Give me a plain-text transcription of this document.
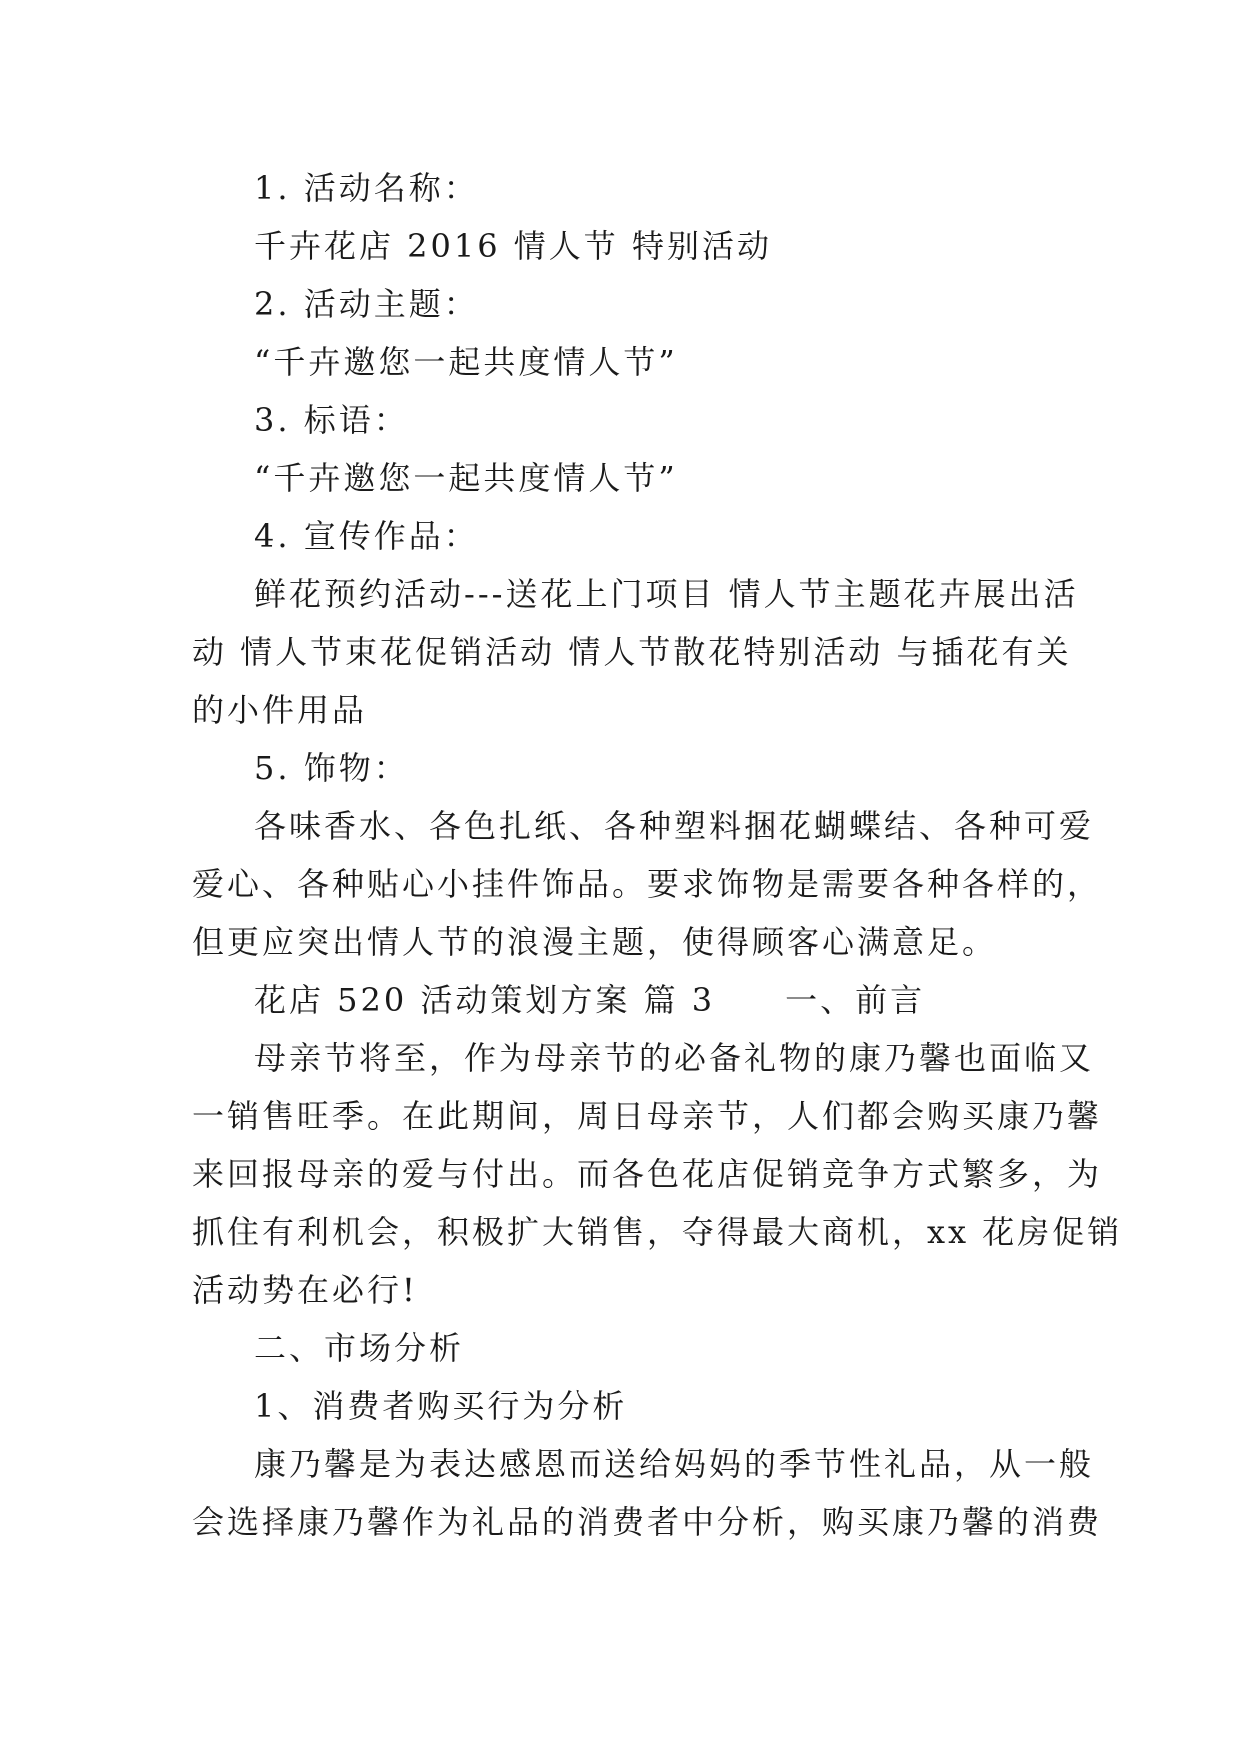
1. 活动名称：
千卉花店 2016 情人节 特别活动
2. 活动主题：
“千卉邀您一起共度情人节”
3. 标语：
“千卉邀您一起共度情人节”
4. 宣传作品：
鲜花预约活动---送花上门项目 情人节主题花卉展出活
动 情人节束花促销活动 情人节散花特别活动 与插花有关
的小件用品
5. 饰物：
各味香水、各色扎纸、各种塑料捆花蝴蝶结、各种可爱
爱心、各种贴心小挂件饰品。要求饰物是需要各种各样的，
但更应突出情人节的浪漫主题，使得顾客心满意足。
花店 520 活动策划方案 篇 3　　一、前言
母亲节将至，作为母亲节的必备礼物的康乃馨也面临又
一销售旺季。在此期间，周日母亲节，人们都会购买康乃馨
来回报母亲的爱与付出。而各色花店促销竞争方式繁多，为
抓住有利机会，积极扩大销售，夺得最大商机，xx 花房促销
活动势在必行!
二、市场分析
1、消费者购买行为分析
康乃馨是为表达感恩而送给妈妈的季节性礼品，从一般
会选择康乃馨作为礼品的消费者中分析，购买康乃馨的消费
